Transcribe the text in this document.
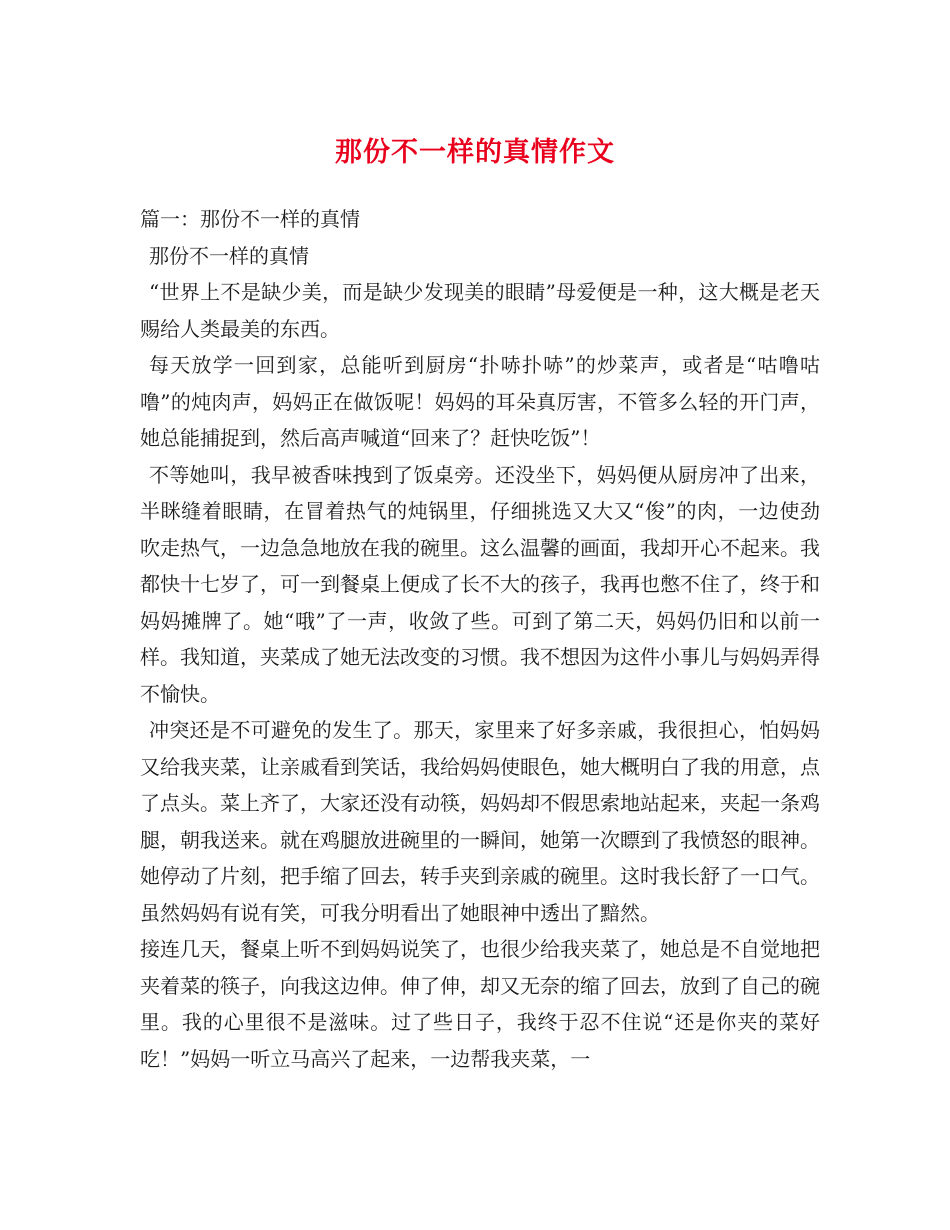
那份不一样的真情作文

篇一：那份不一样的真情

那份不一样的真情

“世界上不是缺少美，而是缺少发现美的眼睛”母爱便是一种，这大概是老天赐给人类最美的东西。

每天放学一回到家，总能听到厨房“扑哧扑哧”的炒菜声，或者是“咕噜咕噜”的炖肉声，妈妈正在做饭呢！妈妈的耳朵真厉害，不管多么轻的开门声，她总能捕捉到，然后高声喊道“回来了？赶快吃饭”！

不等她叫，我早被香味拽到了饭桌旁。还没坐下，妈妈便从厨房冲了出来，半眯缝着眼睛，在冒着热气的炖锅里，仔细挑选又大又“俊”的肉，一边使劲吹走热气，一边急急地放在我的碗里。这么温馨的画面，我却开心不起来。我都快十七岁了，可一到餐桌上便成了长不大的孩子，我再也憋不住了，终于和妈妈摊牌了。她“哦”了一声，收敛了些。可到了第二天，妈妈仍旧和以前一样。我知道，夹菜成了她无法改变的习惯。我不想因为这件小事儿与妈妈弄得不愉快。

冲突还是不可避免的发生了。那天，家里来了好多亲戚，我很担心，怕妈妈又给我夹菜，让亲戚看到笑话，我给妈妈使眼色，她大概明白了我的用意，点了点头。菜上齐了，大家还没有动筷，妈妈却不假思索地站起来，夹起一条鸡腿，朝我送来。就在鸡腿放进碗里的一瞬间，她第一次瞟到了我愤怒的眼神。她停动了片刻，把手缩了回去，转手夹到亲戚的碗里。这时我长舒了一口气。虽然妈妈有说有笑，可我分明看出了她眼神中透出了黯然。

接连几天，餐桌上听不到妈妈说笑了，也很少给我夹菜了，她总是不自觉地把夹着菜的筷子，向我这边伸。伸了伸，却又无奈的缩了回去，放到了自己的碗里。我的心里很不是滋味。过了些日子，我终于忍不住说“还是你夹的菜好吃！”妈妈一听立马高兴了起来，一边帮我夹菜，一
